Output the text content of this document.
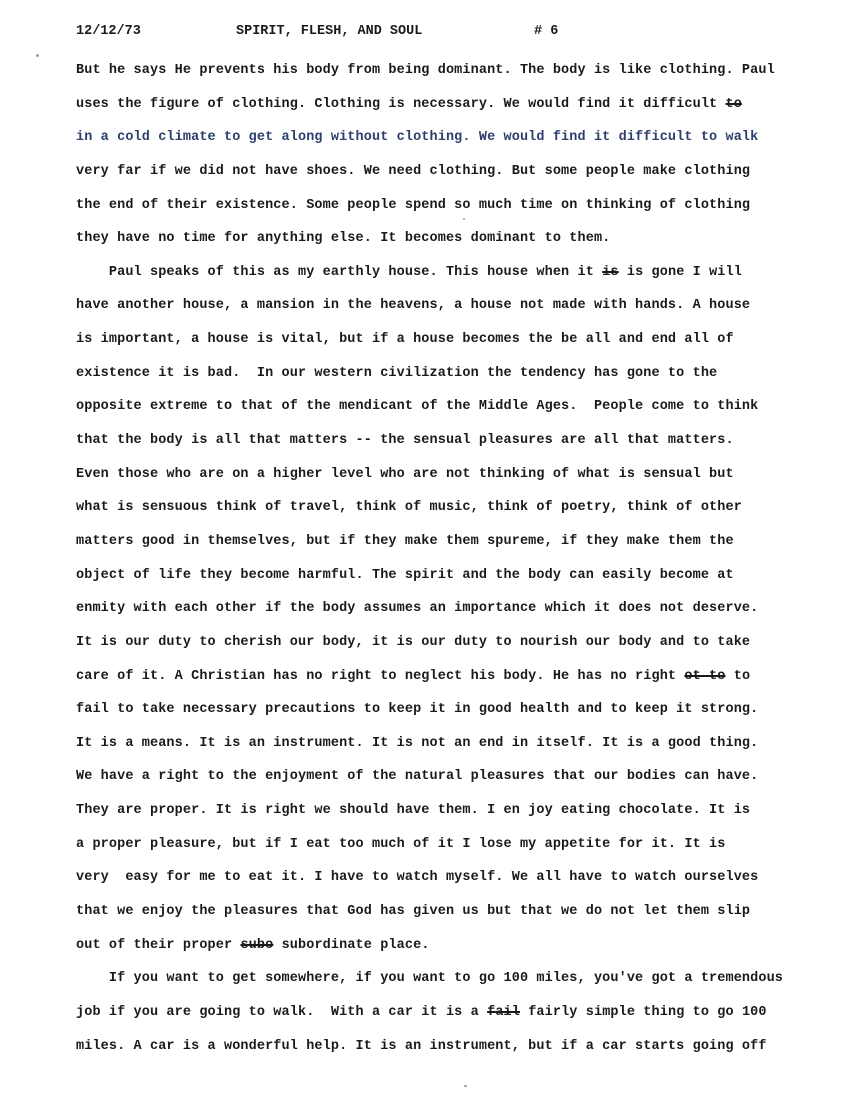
12/12/73	SPIRIT, FLESH, AND SOUL	# 6
But he says He prevents his body from being dominant. The body is like clothing. Paul
uses the figure of clothing. Clothing is necessary. We would find it difficult to
in a cold climate to get along without clothing. We would find it difficult to walk
very far if we did not have shoes. We need clothing. But some people make clothing
the end of their existence. Some people spend so much time on thinking of clothing
they have no time for anything else. It becomes dominant to them.
Paul speaks of this as my earthly house. This house when it is is gone I will
have another house, a mansion in the heavens, a house not made with hands. A house
is important, a house is vital, but if a house becomes the be all and end all of
existence it is bad.  In our western civilization the tendency has gone to the
opposite extreme to that of the mendicant of the Middle Ages.  People come to think
that the body is all that matters -- the sensual pleasures are all that matters.
Even those who are on a higher level who are not thinking of what is sensual but
what is sensuous think of travel, think of music, think of poetry, think of other
matters good in themselves, but if they make them spureme, if they make them the
object of life they become harmful. The spirit and the body can easily become at
enmity with each other if the body assumes an importance which it does not deserve.
It is our duty to cherish our body, it is our duty to nourish our body and to take
care of it. A Christian has no right to neglect his body. He has no right ot to to
fail to take necessary precautions to keep it in good health and to keep it strong.
It is a means. It is an instrument. It is not an end in itself. It is a good thing.
We have a right to the enjoyment of the natural pleasures that our bodies can have.
They are proper. It is right we should have them. I en joy eating chocolate. It is
a proper pleasure, but if I eat too much of it I lose my appetite for it. It is
very  easy for me to eat it. I have to watch myself. We all have to watch ourselves
that we enjoy the pleasures that God has given us but that we do not let them slip
out of their proper subo subordinate place.
If you want to get somewhere, if you want to go 100 miles, you've got a tremendous
job if you are going to walk.  With a car it is a fail fairly simple thing to go 100
miles. A car is a wonderful help. It is an instrument, but if a car starts going off
